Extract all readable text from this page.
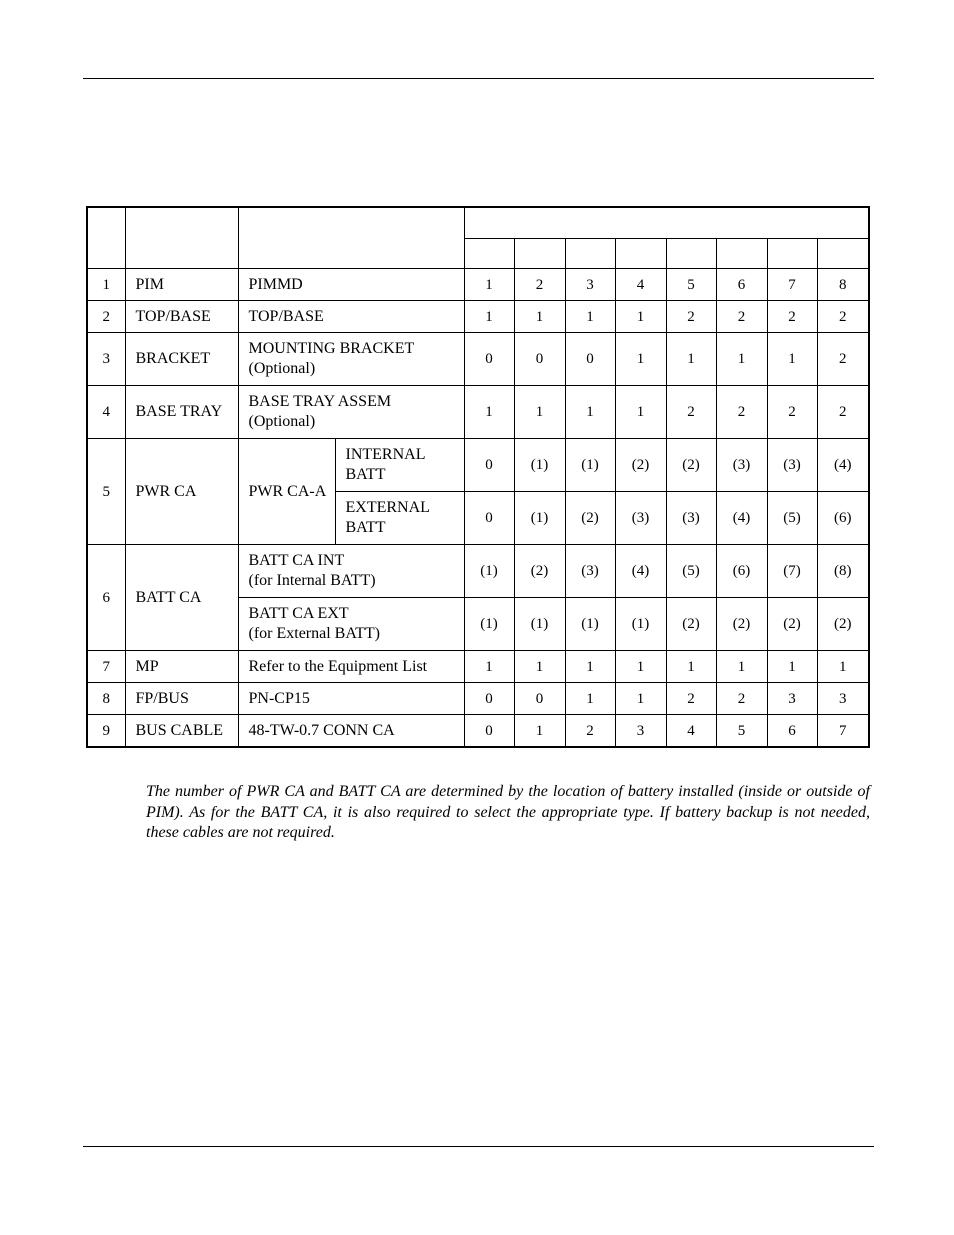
1	PIM	PIMMD		1	2	3	4	5	6	7	8
2	TOP/BASE	TOP/BASE		1	1	1	1	2	2	2	2
3	BRACKET	MOUNTING BRACKET
(Optional)		0	0	0	1	1	1	1	2
4	BASE TRAY	BASE TRAY ASSEM
(Optional)		1	1	1	1	2	2	2	2
5	PWR CA	PWR CA-A	INTERNAL
BATT	0	(1)	(1)	(2)	(2)	(3)	(3)	(4)

			EXTERNAL
BATT	0	(1)	(2)	(3)	(3)	(4)	(5)	(6)
6	BATT CA	BATT CA INT
(for Internal BATT)		(1)	(2)	(3)	(4)	(5)	(6)	(7)	(8)

		BATT CA EXT
(for External BATT)		(1)	(1)	(1)	(1)	(2)	(2)	(2)	(2)
7	MP	Refer to the Equipment List		1	1	1	1	1	1	1	1
8	FP/BUS	PN-CP15		0	0	1	1	2	2	3	3
9	BUS CABLE	48-TW-0.7 CONN CA		0	1	2	3	4	5	6	7

The number of PWR CA and BATT CA are determined by the location of battery installed (inside or outside of PIM). As for the BATT CA, it is also required to select the appropriate type. If battery backup is not needed, these cables are not required.
